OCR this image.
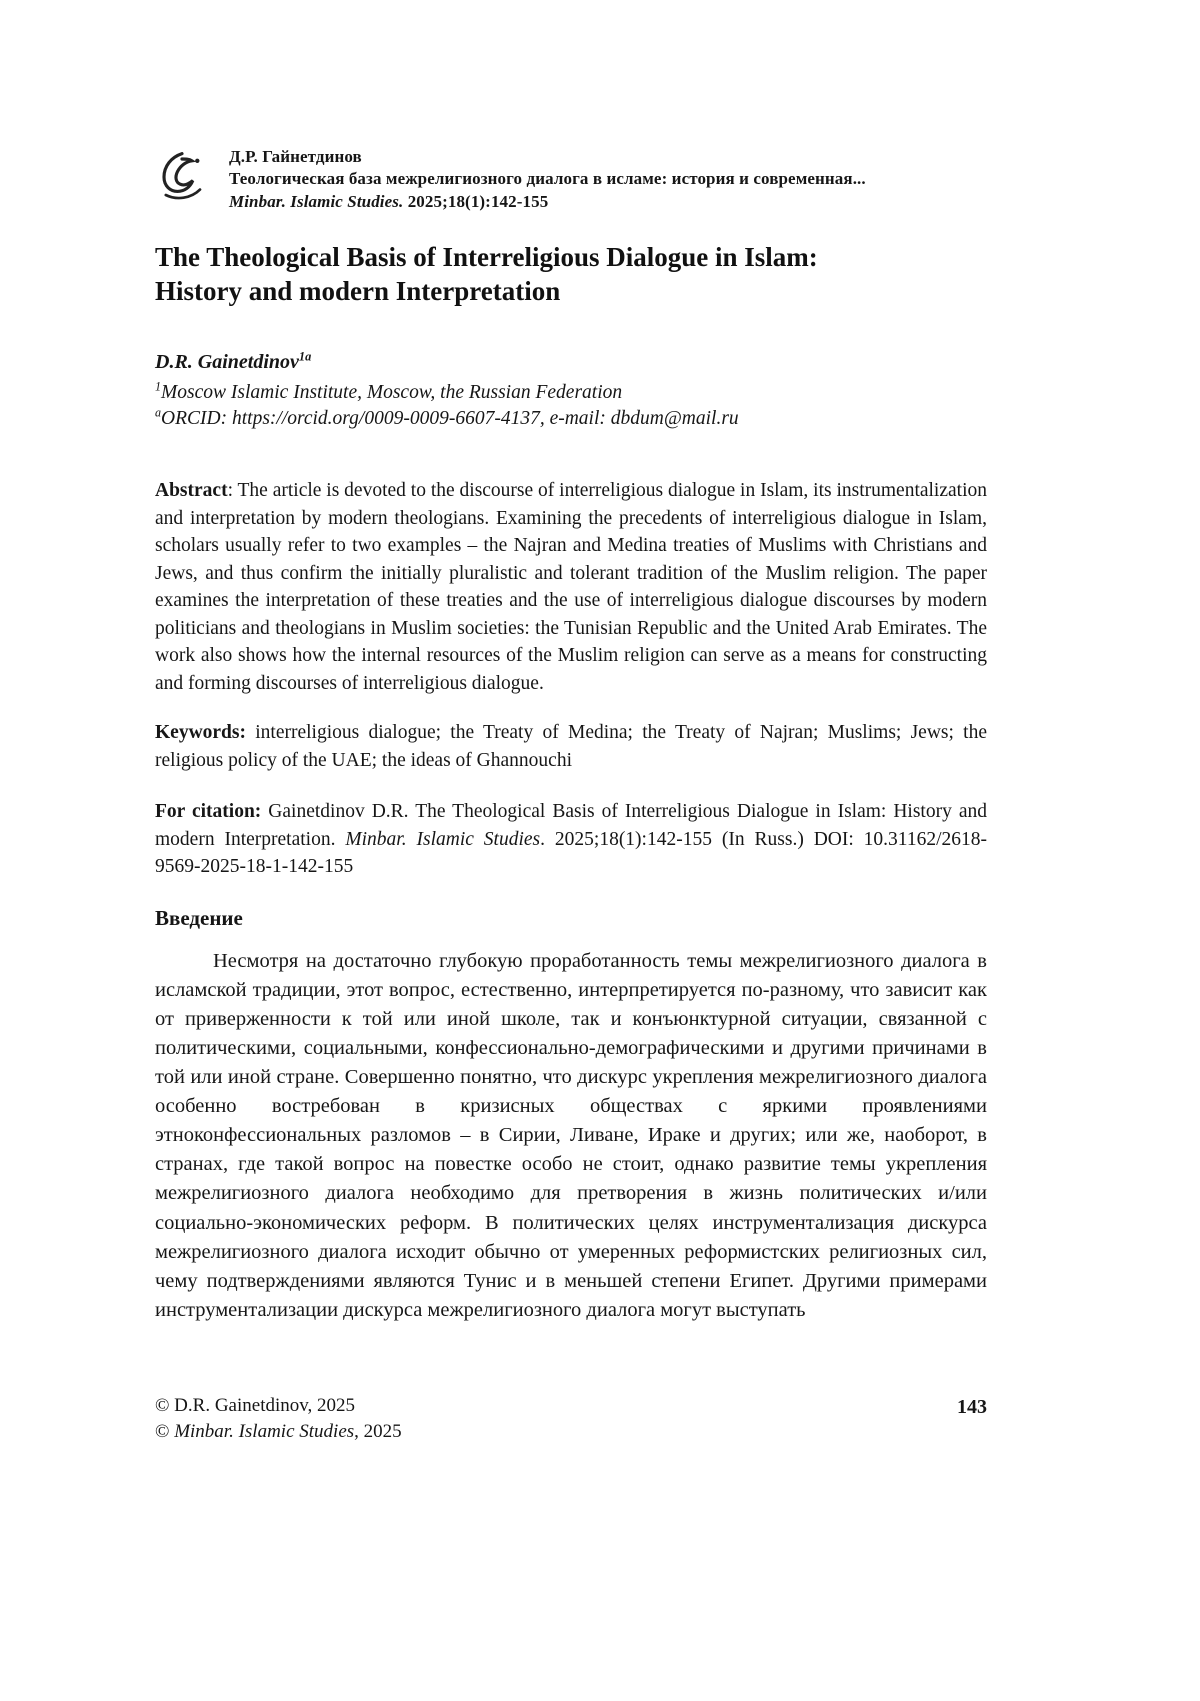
Д.Р. Гайнетдинов
Теологическая база межрелигиозного диалога в исламе: история и современная...
Minbar. Islamic Studies. 2025;18(1):142-155
The Theological Basis of Interreligious Dialogue in Islam:
History and modern Interpretation

D.R. Gainetdinov$^{1a}$

$^1$Moscow Islamic Institute, Moscow, the Russian Federation

$^a$ORCID: https://orcid.org/0009-0009-6607-4137, e-mail: dbdum@mail.ru

Abstract: The article is devoted to the discourse of interreligious dialogue in Islam, its instrumentalization and interpretation by modern theologians. Examining the precedents of interreligious dialogue in Islam, scholars usually refer to two examples – the Najran and Medina treaties of Muslims with Christians and Jews, and thus confirm the initially pluralistic and tolerant tradition of the Muslim religion. The paper examines the interpretation of these treaties and the use of interreligious dialogue discourses by modern politicians and theologians in Muslim societies: the Tunisian Republic and the United Arab Emirates. The work also shows how the internal resources of the Muslim religion can serve as a means for constructing and forming discourses of interreligious dialogue.

Keywords: interreligious dialogue; the Treaty of Medina; the Treaty of Najran; Muslims; Jews; the religious policy of the UAE; the ideas of Ghannouchi

For citation: Gainetdinov D.R. The Theological Basis of Interreligious Dialogue in Islam: History and modern Interpretation. Minbar. Islamic Studies. 2025;18(1):142-155 (In Russ.) DOI: 10.31162/2618-9569-2025-18-1-142-155

Введение

Несмотря на достаточно глубокую проработанность темы межрелигиозного диалога в исламской традиции, этот вопрос, естественно, интерпретируется по-разному, что зависит как от приверженности к той или иной школе, так и конъюнктурной ситуации, связанной с политическими, социальными, конфессионально-демографическими и другими причинами в той или иной стране. Совершенно понятно, что дискурс укрепления межрелигиозного диалога особенно востребован в кризисных обществах с яркими проявлениями этноконфессиональных разломов – в Сирии, Ливане, Ираке и других; или же, наоборот, в странах, где такой вопрос на повестке особо не стоит, однако развитие темы укрепления межрелигиозного диалога необходимо для претворения в жизнь политических и/или социально-экономических реформ. В политических целях инструментализация дискурса межрелигиозного диалога исходит обычно от умеренных реформистских религиозных сил, чему подтверждениями являются Тунис и в меньшей степени Египет. Другими примерами инструментализации дискурса межрелигиозного диалога могут выступать

© D.R. Gainetdinov, 2025
© Minbar. Islamic Studies, 2025
143
